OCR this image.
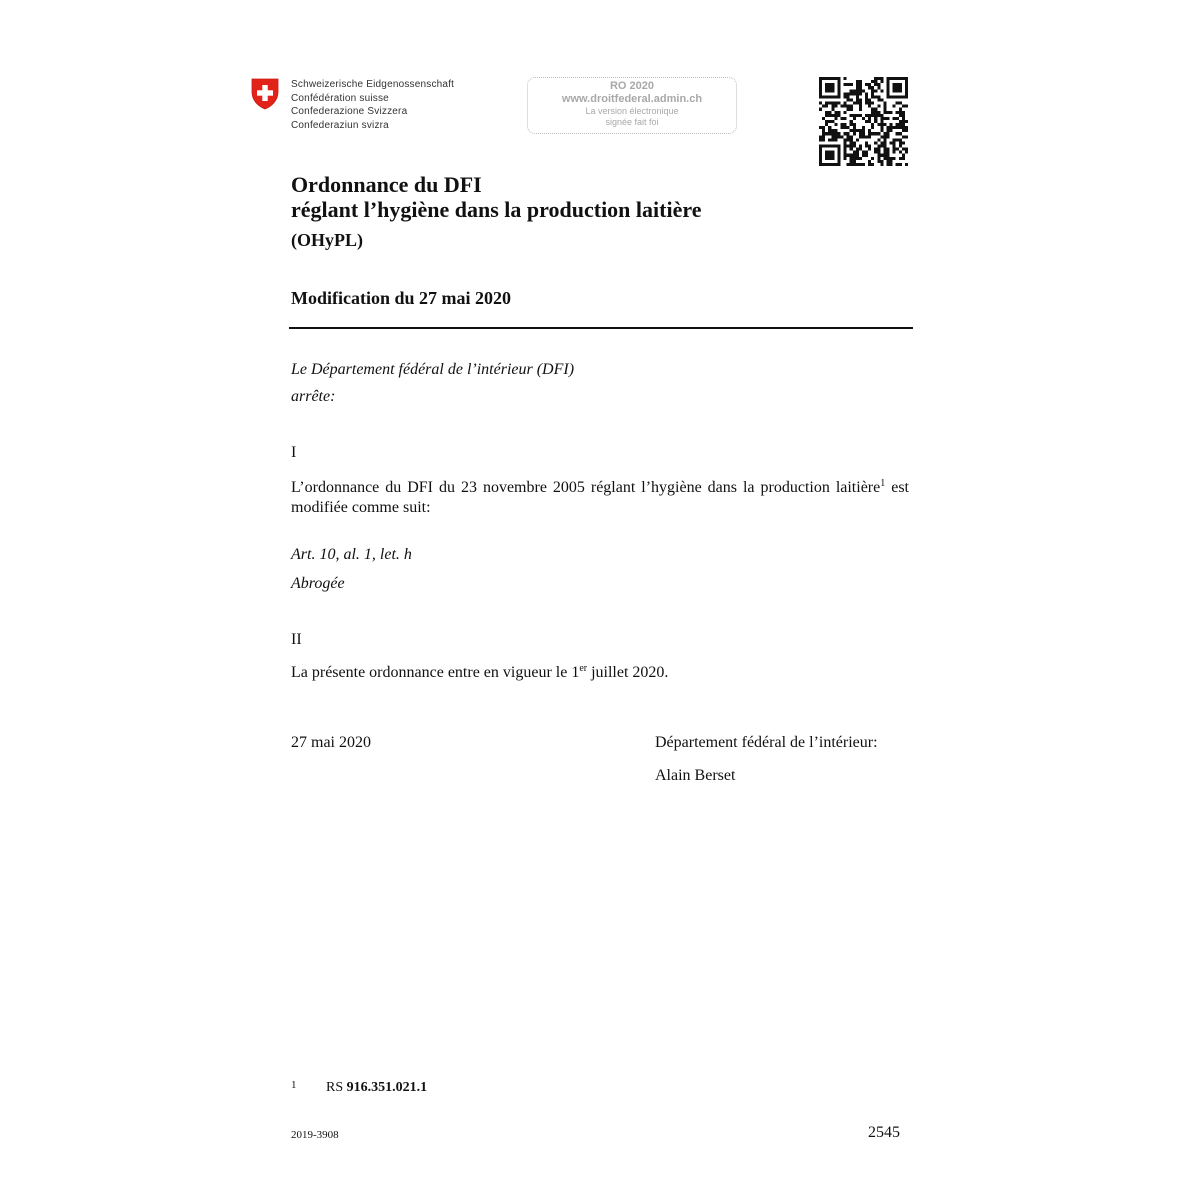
Schweizerische Eidgenossenschaft
Confédération suisse
Confederazione Svizzera
Confederaziun svizra
RO 2020
www.droitfederal.admin.ch
La version électronique
signée fait foi
Ordonnance du DFI
réglant l’hygiène dans la production laitière
(OHyPL)
Modification du 27 mai 2020
Le Département fédéral de l’intérieur (DFI)
arrête:
I
L’ordonnance du DFI du 23 novembre 2005 réglant l’hygiène dans la production laitière$^1$ est modifiée comme suit:
Art. 10, al. 1, let. h
Abrogée
II
La présente ordonnance entre en vigueur le 1er juillet 2020.
27 mai 2020	Département fédéral de l’intérieur:
Alain Berset
1 RS 916.351.021.1
2019-3908	2545
